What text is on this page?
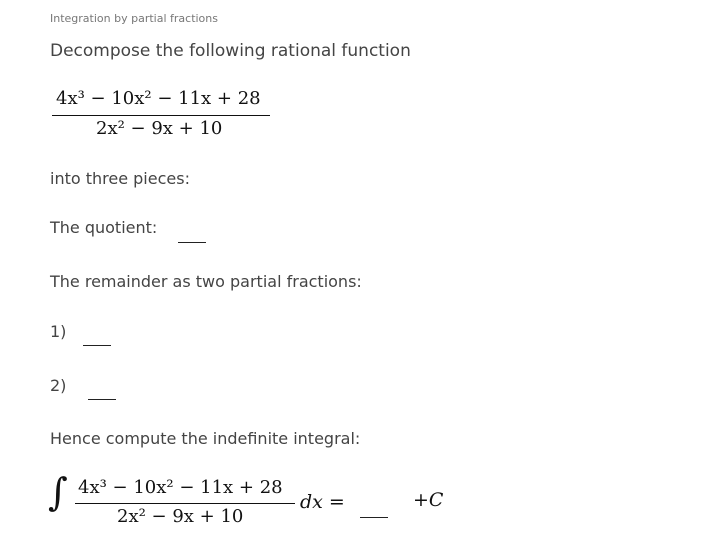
Integration by partial fractions
Decompose the following rational function
4x³ − 10x² − 11x + 28
2x² − 9x + 10
into three pieces:
The quotient:
The remainder as two partial fractions:
1)
2)
Hence compute the indefinite integral:
∫ 4x³ − 10x² − 11x + 28
2x² − 9x + 10
dx =	+C
